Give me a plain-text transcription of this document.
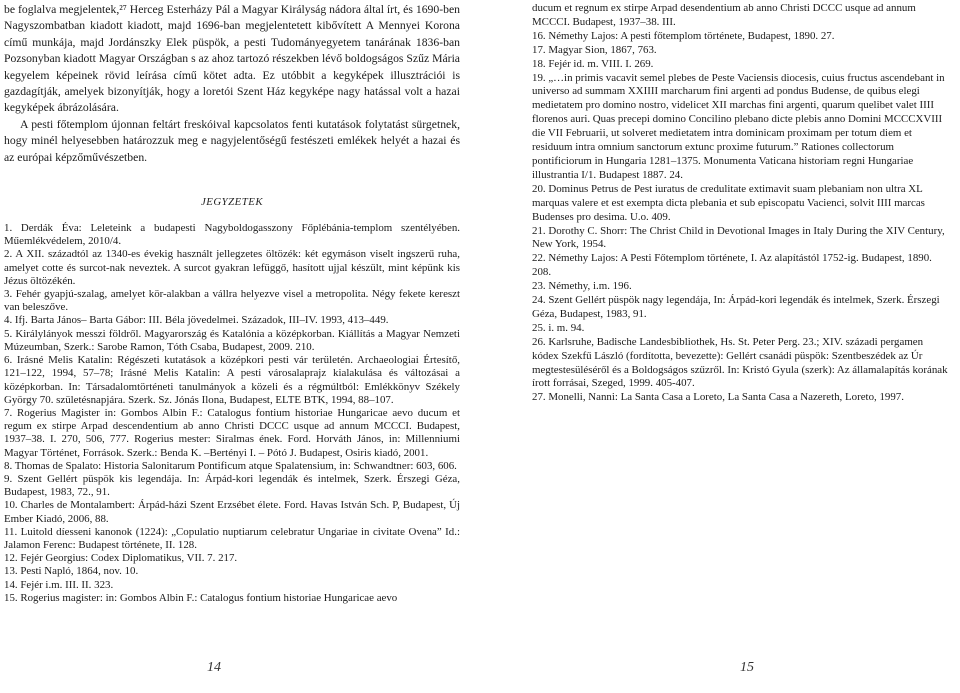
be foglalva megjelentek,²⁷ Herceg Esterházy Pál a Magyar Királyság nádora által írt, és 1690-ben Nagyszombatban kiadott kiadott, majd 1696-ban megjelentetett kibővített A Mennyei Korona című munkája, majd Jordánszky Elek püspök, a pesti Tudományegyetem tanárának 1836-ban Pozsonyban kiadott Magyar Országban s az ahoz tartozó részekben lévő boldogságos Szűz Mária kegyelem képeinek rövid leírása című kötet adta. Ez utóbbit a kegyképek illusztrációi is gazdagítják, amelyek bizonyítják, hogy a loretói Szent Ház kegyképe nagy hatással volt a hazai kegyképek ábrázolására.

A pesti főtemplom újonnan feltárt freskóival kapcsolatos fenti kutatások folytatást sürgetnek, hogy minél helyesebben határozzuk meg e nagyjelentőségű festészeti emlékek helyét a hazai és az európai képzőművészetben.

JEGYZETEK

1. Derdák Éva: Leleteink a budapesti Nagyboldogasszony Főplébánia-templom szentélyében. Műemlékvédelem, 2010/4.

2. A XII. századtól az 1340-es évekig használt jellegzetes öltözék: két egymáson viselt ingszerű ruha, amelyet cotte és surcot-nak neveztek. A surcot gyakran lefüggő, hasított ujjal készült, mint képünk kis Jézus öltözékén.

3. Fehér gyapjú-szalag, amelyet kör-alakban a vállra helyezve visel a metropolita. Négy fekete kereszt van beleszőve.

4. Ifj. Barta János– Barta Gábor: III. Béla jövedelmei. Századok, III–IV. 1993, 413–449.

5. Királylányok messzi földről. Magyarország és Katalónia a középkorban. Kiállítás a Magyar Nemzeti Múzeumban, Szerk.: Sarobe Ramon, Tóth Csaba, Budapest, 2009. 210.

6. Irásné Melis Katalin: Régészeti kutatások a középkori pesti vár területén. Archaeologiai Értesítő, 121–122, 1994, 57–78; Irásné Melis Katalin: A pesti városalaprajz kialakulása és változásai a középkorban. In: Társadalomtörténeti tanulmányok a közeli és a régmúltból: Emlékkönyv Székely György 70. születésnapjára. Szerk. Sz. Jónás Ilona, Budapest, ELTE BTK, 1994, 88–107.

7. Rogerius Magister in: Gombos Albin F.: Catalogus fontium historiae Hungaricae aevo ducum et regum ex stirpe Arpad descendentium ab anno Christi DCCC usque ad annum MCCCI. Budapest, 1937–38. I. 270, 506, 777. Rogerius mester: Siralmas ének. Ford. Horváth János, in: Millenniumi Magyar Történet, Források. Szerk.: Benda K. –Bertényi I. – Pótó J. Budapest, Osiris kiadó, 2001.

8. Thomas de Spalato: Historia Salonitarum Pontificum atque Spalatensium, in: Schwandtner: 603, 606.

9. Szent Gellért püspök kis legendája. In: Árpád-kori legendák és intelmek, Szerk. Érszegi Géza, Budapest, 1983, 72., 91.

10. Charles de Montalambert: Árpád-házi Szent Erzsébet élete. Ford. Havas István Sch. P, Budapest, Új Ember Kiadó, 2006, 88.

11. Luitold díesseni kanonok (1224): „Copulatio nuptiarum celebratur Ungariae in civitate Ovena” Id.: Jalamon Ferenc: Budapest története, II. 128.

12. Fejér Georgius: Codex Diplomatikus, VII. 7. 217.

13. Pesti Napló, 1864, nov. 10.

14. Fejér i.m. III. II. 323.

15. Rogerius magister: in: Gombos Albin F.: Catalogus fontium historiae Hungaricae aevo

14

ducum et regnum ex stirpe Arpad desendentium ab anno Christi DCCC usque ad annum MCCCI. Budapest, 1937–38. III.

16. Némethy Lajos: A pesti főtemplom története, Budapest, 1890. 27.

17. Magyar Sion, 1867, 763.

18. Fejér id. m. VIII. I. 269.

19. „…in primis vacavit semel plebes de Peste Vaciensis diocesis, cuius fructus ascendebant in universo ad summam XXIIII marcharum fini argenti ad pondus Budense, de quibus elegi medietatem pro domino nostro, videlicet XII marchas fini argenti, quarum quelibet valet IIII florenos auri. Quas precepi domino Concilino plebano dicte plebis anno Domini MCCCXVIII die VII Februarii, ut solveret medietatem intra dominicam proximam per totum diem et residuum intra omnium sanctorum extunc proxime futurum.” Rationes collectorum pontificiorum in Hungaria 1281–1375. Monumenta Vaticana historiam regni Hungariae illustrantia I/1. Budapest 1887. 24.

20. Dominus Petrus de Pest iuratus de credulitate extimavit suam plebaniam non ultra XL marquas valere et est exempta dicta plebania et sub episcopatu Vacienci, solvit IIII marcas Budenses pro desima. U.o. 409.

21. Dorothy C. Shorr: The Christ Child in Devotional Images in Italy During the XIV Century, New York, 1954.

22. Némethy Lajos: A Pesti Főtemplom története, I. Az alapítástól 1752-ig. Budapest, 1890. 208.

23. Némethy, i.m. 196.

24. Szent Gellért püspök nagy legendája, In: Árpád-kori legendák és intelmek, Szerk. Érszegi Géza, Budapest, 1983, 91.

25. i. m. 94.

26. Karlsruhe, Badische Landesbibliothek, Hs. St. Peter Perg. 23.; XIV. századi pergamen kódex Szekfű László (fordította, bevezette): Gellért csanádi püspök: Szentbeszédek az Úr megtestesüléséről és a Boldogságos szűzről. In: Kristó Gyula (szerk): Az államalapítás korának írott forrásai, Szeged, 1999. 405-407.

27. Monelli, Nanni: La Santa Casa a Loreto, La Santa Casa a Nazereth, Loreto, 1997.

15
